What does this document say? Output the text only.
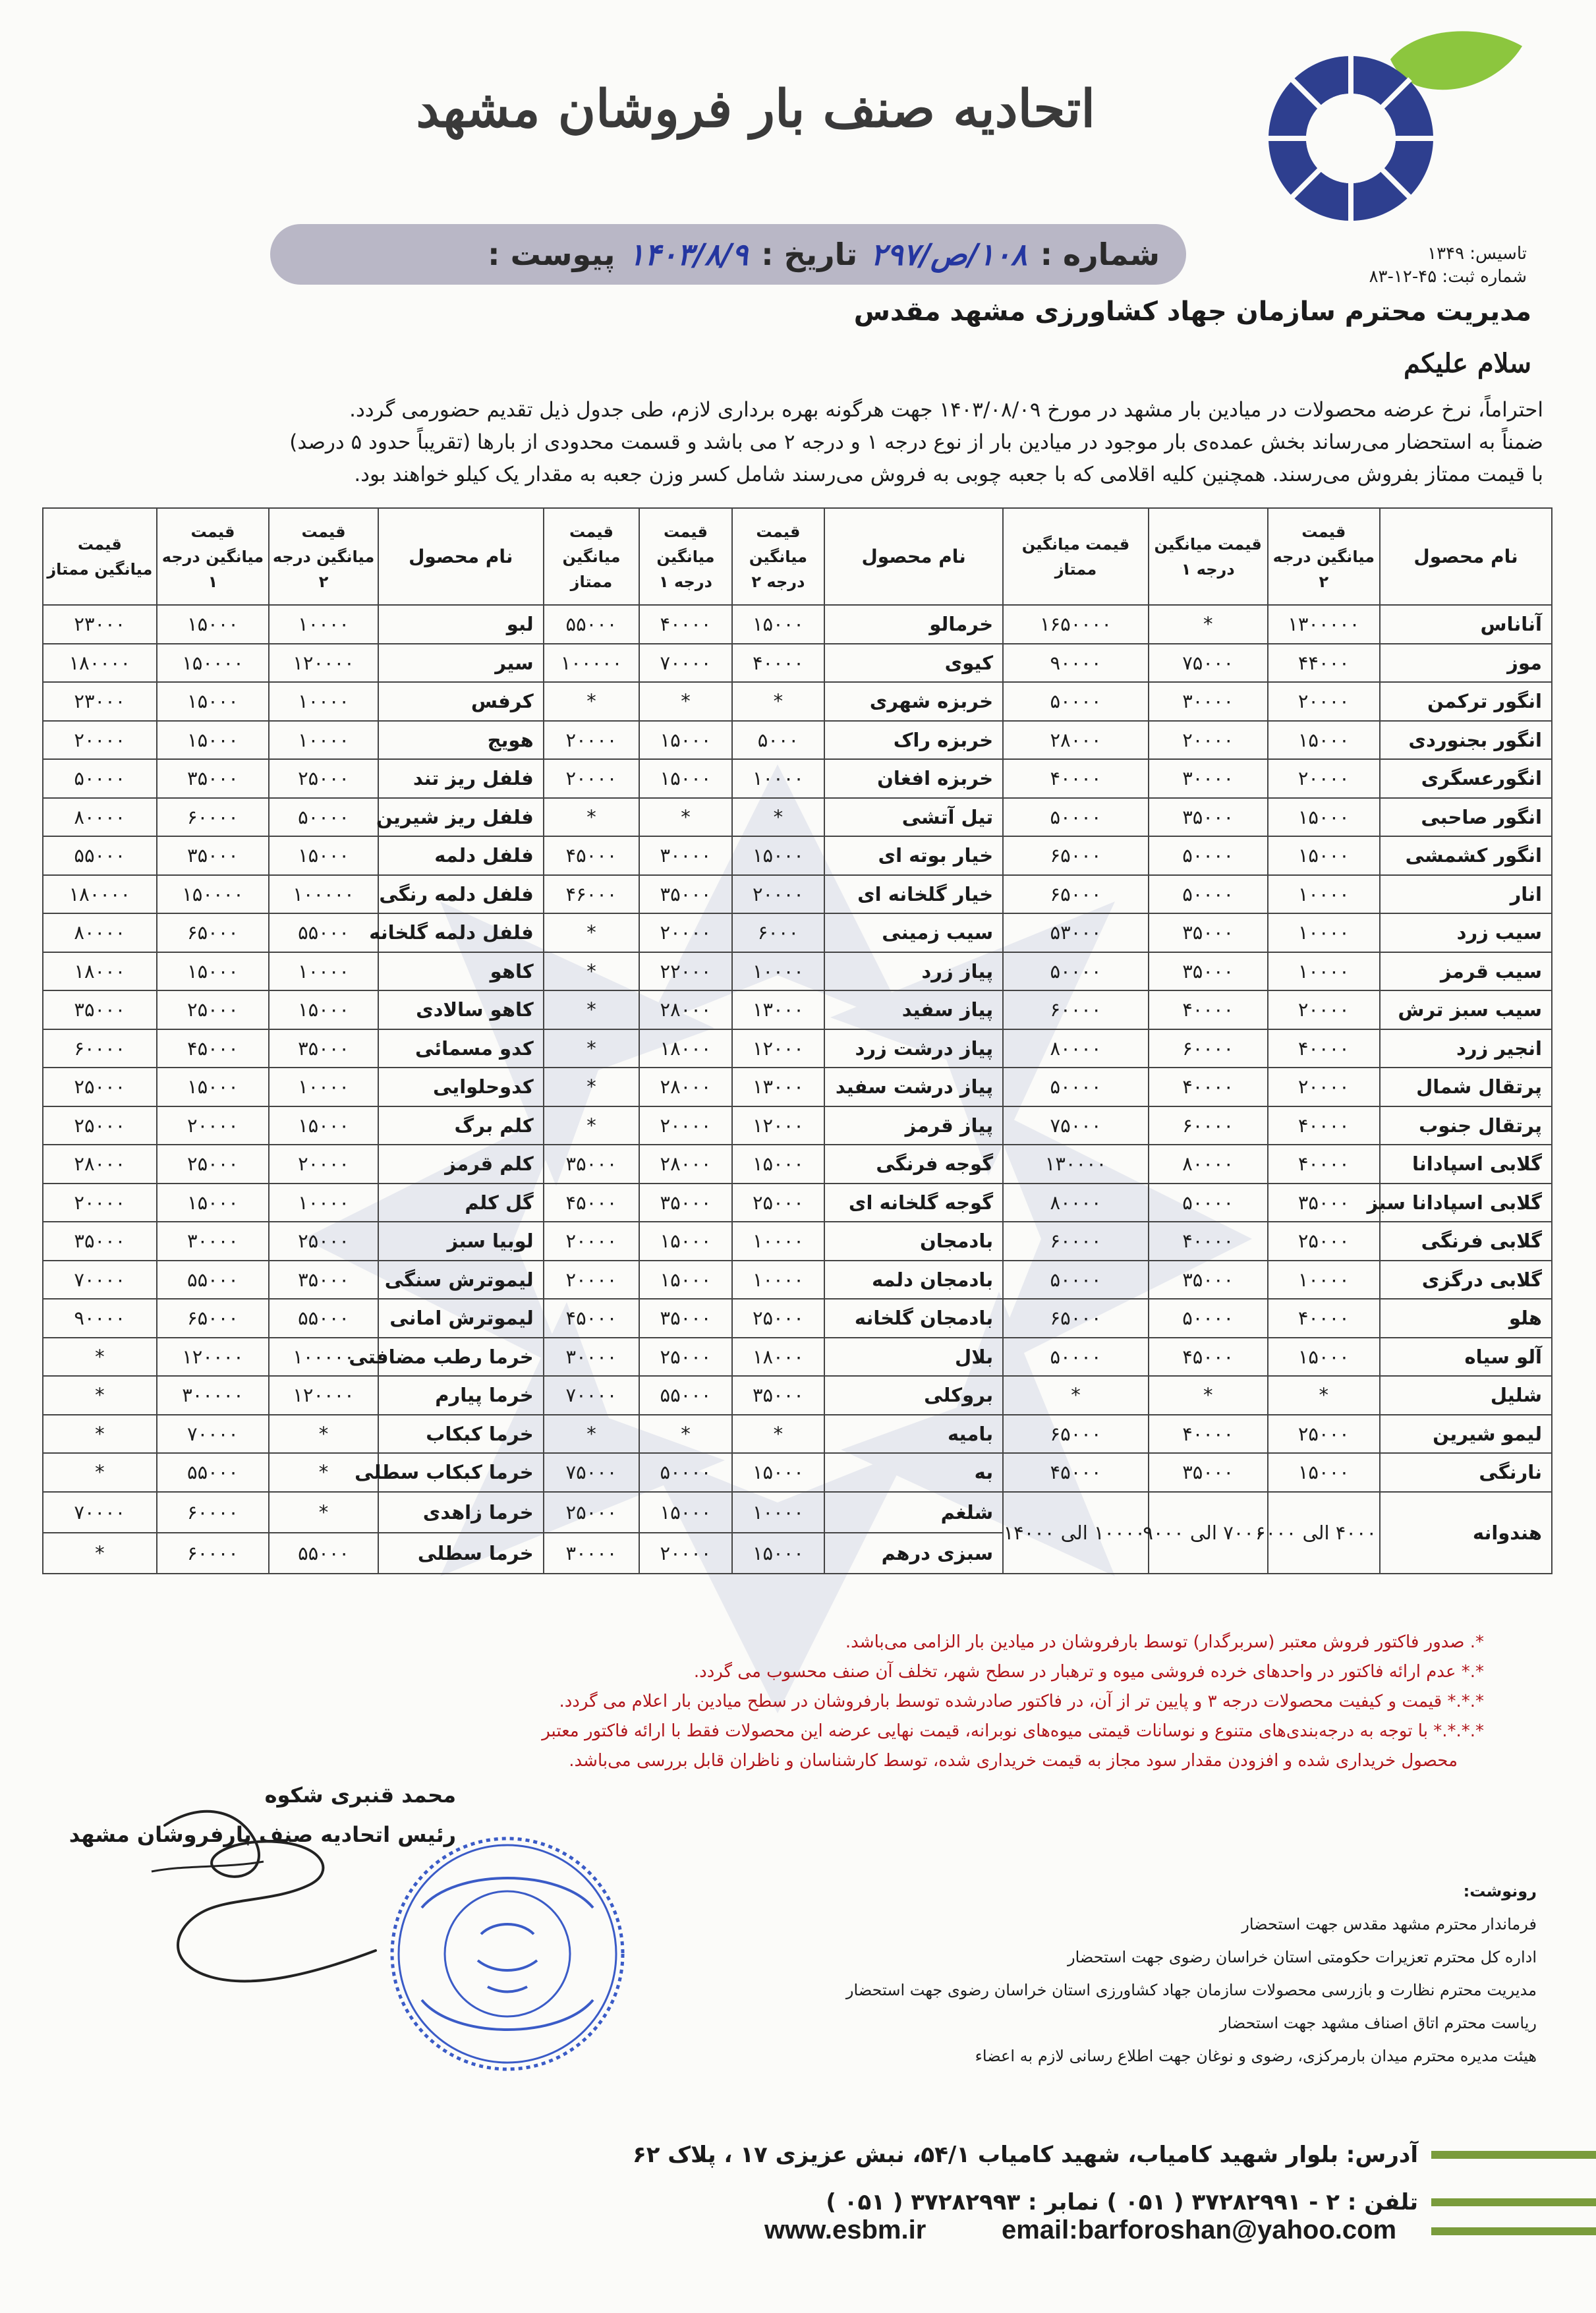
تاسیس: ۱۳۴۹
شماره ثبت: ۴۵-۱۲-۸۳
اتحادیه صنف بار فروشان مشهد
شماره :
۱۰۸/ص/۲۹۷
تاریخ :
۱۴۰۳/۸/۹
پیوست :
مدیریت محترم سازمان جهاد کشاورزی مشهد مقدس
سلام علیکم

احتراماً، نرخ عرضه محصولات در میادین بار مشهد در مورخ ۱۴۰۳/۰۸/۰۹ جهت هرگونه بهره برداری لازم، طی جدول ذیل تقدیم حضورمی گردد.

ضمناً به استحضار می‌رساند بخش عمده‌ی بار موجود در میادین بار از نوع درجه ۱ و درجه ۲ می باشد و قسمت محدودی از بارها (تقریباً حدود ۵ درصد)

با قیمت ممتاز بفروش می‌رسند. همچنین کلیه اقلامی که با جعبه چوبی به فروش می‌رسند شامل کسر وزن جعبه به مقدار یک کیلو خواهند بود.

نام محصول	قیمت میانگین درجه ۲	قیمت میانگین درجه ۱	قیمت میانگین ممتاز	نام محصول	قیمت میانگین درجه ۲	قیمت میانگین درجه ۱	قیمت میانگین ممتاز	نام محصول	قیمت میانگین درجه ۲	قیمت میانگین درجه ۱	قیمت میانگین ممتاز
آناناس	۱۳۰۰۰۰۰	*	۱۶۵۰۰۰۰	خرمالو	۱۵۰۰۰	۴۰۰۰۰	۵۵۰۰۰	لبو	۱۰۰۰۰	۱۵۰۰۰	۲۳۰۰۰
موز	۴۴۰۰۰	۷۵۰۰۰	۹۰۰۰۰	کیوی	۴۰۰۰۰	۷۰۰۰۰	۱۰۰۰۰۰	سیر	۱۲۰۰۰۰	۱۵۰۰۰۰	۱۸۰۰۰۰
انگور ترکمن	۲۰۰۰۰	۳۰۰۰۰	۵۰۰۰۰	خربزه شهری	*	*	*	کرفس	۱۰۰۰۰	۱۵۰۰۰	۲۳۰۰۰
انگور بجنوردی	۱۵۰۰۰	۲۰۰۰۰	۲۸۰۰۰	خربزه راک	۵۰۰۰	۱۵۰۰۰	۲۰۰۰۰	هویج	۱۰۰۰۰	۱۵۰۰۰	۲۰۰۰۰
انگورعسگری	۲۰۰۰۰	۳۰۰۰۰	۴۰۰۰۰	خربزه افغان	۱۰۰۰۰	۱۵۰۰۰	۲۰۰۰۰	فلفل ریز تند	۲۵۰۰۰	۳۵۰۰۰	۵۰۰۰۰
انگور صاحبی	۱۵۰۰۰	۳۵۰۰۰	۵۰۰۰۰	تیل آتشی	*	*	*	فلفل ریز شیرین	۵۰۰۰۰	۶۰۰۰۰	۸۰۰۰۰
انگور کشمشی	۱۵۰۰۰	۵۰۰۰۰	۶۵۰۰۰	خیار بوته ای	۱۵۰۰۰	۳۰۰۰۰	۴۵۰۰۰	فلفل دلمه	۱۵۰۰۰	۳۵۰۰۰	۵۵۰۰۰
انار	۱۰۰۰۰	۵۰۰۰۰	۶۵۰۰۰	خیار گلخانه ای	۲۰۰۰۰	۳۵۰۰۰	۴۶۰۰۰	فلفل دلمه رنگی	۱۰۰۰۰۰	۱۵۰۰۰۰	۱۸۰۰۰۰
سیب زرد	۱۰۰۰۰	۳۵۰۰۰	۵۳۰۰۰	سیب زمینی	۶۰۰۰	۲۰۰۰۰	*	فلفل دلمه گلخانه	۵۵۰۰۰	۶۵۰۰۰	۸۰۰۰۰
سیب قرمز	۱۰۰۰۰	۳۵۰۰۰	۵۰۰۰۰	پیاز زرد	۱۰۰۰۰	۲۲۰۰۰	*	کاهو	۱۰۰۰۰	۱۵۰۰۰	۱۸۰۰۰
سیب سبز ترش	۲۰۰۰۰	۴۰۰۰۰	۶۰۰۰۰	پیاز سفید	۱۳۰۰۰	۲۸۰۰۰	*	کاهو سالادی	۱۵۰۰۰	۲۵۰۰۰	۳۵۰۰۰
انجیر زرد	۴۰۰۰۰	۶۰۰۰۰	۸۰۰۰۰	پیاز درشت زرد	۱۲۰۰۰	۱۸۰۰۰	*	کدو مسمائی	۳۵۰۰۰	۴۵۰۰۰	۶۰۰۰۰
پرتقال شمال	۲۰۰۰۰	۴۰۰۰۰	۵۰۰۰۰	پیاز درشت سفید	۱۳۰۰۰	۲۸۰۰۰	*	کدوحلوایی	۱۰۰۰۰	۱۵۰۰۰	۲۵۰۰۰
پرتقال جنوب	۴۰۰۰۰	۶۰۰۰۰	۷۵۰۰۰	پیاز قرمز	۱۲۰۰۰	۲۰۰۰۰	*	کلم برگ	۱۵۰۰۰	۲۰۰۰۰	۲۵۰۰۰
گلابی اسپادانا	۴۰۰۰۰	۸۰۰۰۰	۱۳۰۰۰۰	گوجه فرنگی	۱۵۰۰۰	۲۸۰۰۰	۳۵۰۰۰	کلم قرمز	۲۰۰۰۰	۲۵۰۰۰	۲۸۰۰۰
گلابی اسپادانا سبز	۳۵۰۰۰	۵۰۰۰۰	۸۰۰۰۰	گوجه گلخانه ای	۲۵۰۰۰	۳۵۰۰۰	۴۵۰۰۰	گل کلم	۱۰۰۰۰	۱۵۰۰۰	۲۰۰۰۰
گلابی فرنگی	۲۵۰۰۰	۴۰۰۰۰	۶۰۰۰۰	بادمجان	۱۰۰۰۰	۱۵۰۰۰	۲۰۰۰۰	لوبیا سبز	۲۵۰۰۰	۳۰۰۰۰	۳۵۰۰۰
گلابی درگزی	۱۰۰۰۰	۳۵۰۰۰	۵۰۰۰۰	بادمجان دلمه	۱۰۰۰۰	۱۵۰۰۰	۲۰۰۰۰	لیموترش سنگی	۳۵۰۰۰	۵۵۰۰۰	۷۰۰۰۰
هلو	۴۰۰۰۰	۵۰۰۰۰	۶۵۰۰۰	بادمجان گلخانه	۲۵۰۰۰	۳۵۰۰۰	۴۵۰۰۰	لیموترش امانی	۵۵۰۰۰	۶۵۰۰۰	۹۰۰۰۰
آلو سیاه	۱۵۰۰۰	۴۵۰۰۰	۵۰۰۰۰	بلال	۱۸۰۰۰	۲۵۰۰۰	۳۰۰۰۰	خرما رطب مضافتی	۱۰۰۰۰۰	۱۲۰۰۰۰	*
شلیل	*	*	*	بروکلی	۳۵۰۰۰	۵۵۰۰۰	۷۰۰۰۰	خرما پیارم	۱۲۰۰۰۰	۳۰۰۰۰۰	*
لیمو شیرین	۲۵۰۰۰	۴۰۰۰۰	۶۵۰۰۰	بامیه	*	*	*	خرما کبکاب	*	۷۰۰۰۰	*
نارنگی	۱۵۰۰۰	۳۵۰۰۰	۴۵۰۰۰	به	۱۵۰۰۰	۵۰۰۰۰	۷۵۰۰۰	خرما کبکاب سطلی	*	۵۵۰۰۰	*
هندوانه	۴۰۰۰ الی ۶۰۰۰	۷۰۰۰ الی ۹۰۰۰	۱۰۰۰۰ الی ۱۴۰۰۰	شلغم	۱۰۰۰۰	۱۵۰۰۰	۲۵۰۰۰	خرما زاهدی	*	۶۰۰۰۰	۷۰۰۰۰
				سبزی درهم	۱۵۰۰۰	۲۰۰۰۰	۳۰۰۰۰	خرما سطلی	۵۵۰۰۰	۶۰۰۰۰	*
*. صدور فاکتور فروش معتبر (سربرگدار) توسط بارفروشان در میادین بار الزامی می‌باشد.
*.* عدم ارائه فاکتور در واحدهای خرده فروشی میوه و ترهبار در سطح شهر، تخلف آن صنف محسوب می گردد.
*.*.* قیمت و کیفیت محصولات درجه ۳ و پایین تر از آن، در فاکتور صادرشده توسط بارفروشان در سطح میادین بار اعلام می گردد.
*.*.*.* با توجه به درجه‌بندی‌های متنوع و نوسانات قیمتی میوه‌های نوبرانه، قیمت نهایی عرضه این محصولات فقط با ارائه فاکتور معتبر
محصول خریداری شده و افزودن مقدار سود مجاز به قیمت خریداری شده، توسط کارشناسان و ناظران قابل بررسی می‌باشد.
محمد قنبری شکوه
رئیس اتحادیه صنف بارفروشان مشهد
رونوشت:
فرماندار محترم مشهد مقدس جهت استحضار
اداره کل محترم تعزیرات حکومتی استان خراسان رضوی جهت استحضار
مدیریت محترم نظارت و بازرسی محصولات سازمان جهاد کشاورزی استان خراسان رضوی جهت استحضار
ریاست محترم اتاق اصناف مشهد جهت استحضار
هیئت مدیره محترم میدان بارمرکزی، رضوی و نوغان جهت اطلاع رسانی لازم به اعضاء
آدرس: بلوار شهید کامیاب، شهید کامیاب ۵۴/۱، نبش عزیزی ۱۷ ، پلاک ۶۲
تلفن : ۲ - ۳۷۲۸۲۹۹۱ ( ۰۵۱ ) نمابر : ۳۷۲۸۲۹۹۳ ( ۰۵۱ )
www.esbm.ir	email:barforoshan@yahoo.com
